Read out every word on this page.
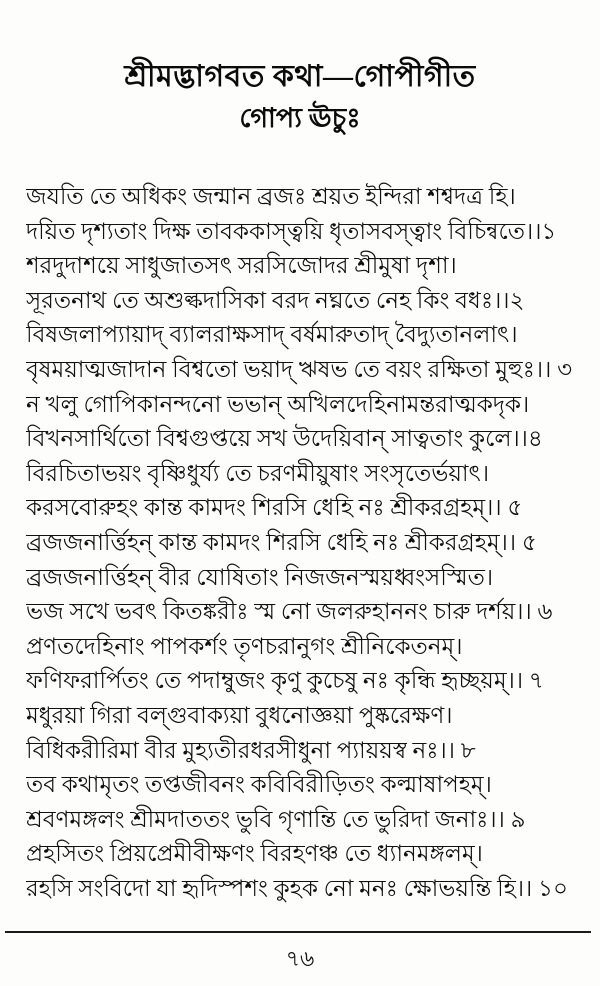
শ্রীমদ্ভাগবত কথা—গোপীগীত
গোপ্য ঊচুঃ
জযতি তে অধিকং জন্মান ব্রজঃ শ্রয়ত ইন্দিরা শশ্বদত্র হি।
দয়িত দৃশ্যতাং দিক্ষ তাবককাস্ত্বয়ি ধৃতাসবস্ত্বাং বিচিন্বতে।।১
শরদুদাশয়ে সাধুজাতসৎ সরসিজোদর শ্রীমুষা দৃশা।
সূরতনাথ তে অশুল্কদাসিকা বরদ নঘ্নতে নেহ কিং বধঃ।।২
বিষজলাপ্যায়াদ্ ব্যালরাক্ষসাদ্ বর্ষমারুতাদ্ বৈদ্যুতানলাৎ।
বৃষময়াত্মজাদান বিশ্বতো ভয়াদ্ ঋষভ তে বয়ং রক্ষিতা মুহুঃ।। ৩
ন খলু গোপিকানন্দনো ভভান্ অখিলদেহিনামন্তরাত্মকদৃক।
বিখনসার্থিতো বিশ্বগুপ্তয়ে সখ উদেয়িবান্ সাত্বতাং কুলে।।৪
বিরচিতাভয়ং বৃষ্ণিধুর্য্য তে চরণমীয়ুষাং সংসৃতের্ভয়াৎ।
করসবোরুহং কান্ত কামদং শিরসি ধেহি নঃ শ্রীকরগ্রহম্।। ৫
ব্রজজনার্ত্তিহন্ কান্ত কামদং শিরসি ধেহি নঃ শ্রীকরগ্রহম্।। ৫
ব্রজজনার্ত্তিহন্ বীর যোষিতাং নিজজনস্ময়ধ্বংসস্মিত।
ভজ সখে ভবৎ কিতঙ্করীঃ স্ম নো জলরুহাননং চারু দর্শয়।। ৬
প্রণতদেহিনাং পাপকর্শং তৃণচরানুগং শ্রীনিকেতনম্।
ফণিফরার্পিতং তে পদাম্বুজং কৃণু কুচেষু নঃ কৃন্ধি হৃচ্ছয়ম্।। ৭
মধুরয়া গিরা বল্গুবাক্যয়া বুধনোজ্ঞয়া পুষ্করেক্ষণ।
বিধিকরীরিমা বীর মুহ্যতীরধরসীধুনা প্যায়য়স্ব নঃ।। ৮
তব কথামৃতং তপ্তজীবনং কবিবিরীড়িতং কল্মাষাপহম্।
শ্রবণমঙ্গলং শ্রীমদাততং ভুবি গৃণান্তি তে ভুরিদা জনাঃ।। ৯
প্রহসিতং প্রিয়প্রেমীবীক্ষণং বিরহণঞ্চ তে ধ্যানমঙ্গলম্।
রহসি সংবিদো যা হৃদিস্পশং কুহক নো মনঃ ক্ষোভয়ন্তি হি।। ১০
৭৬
